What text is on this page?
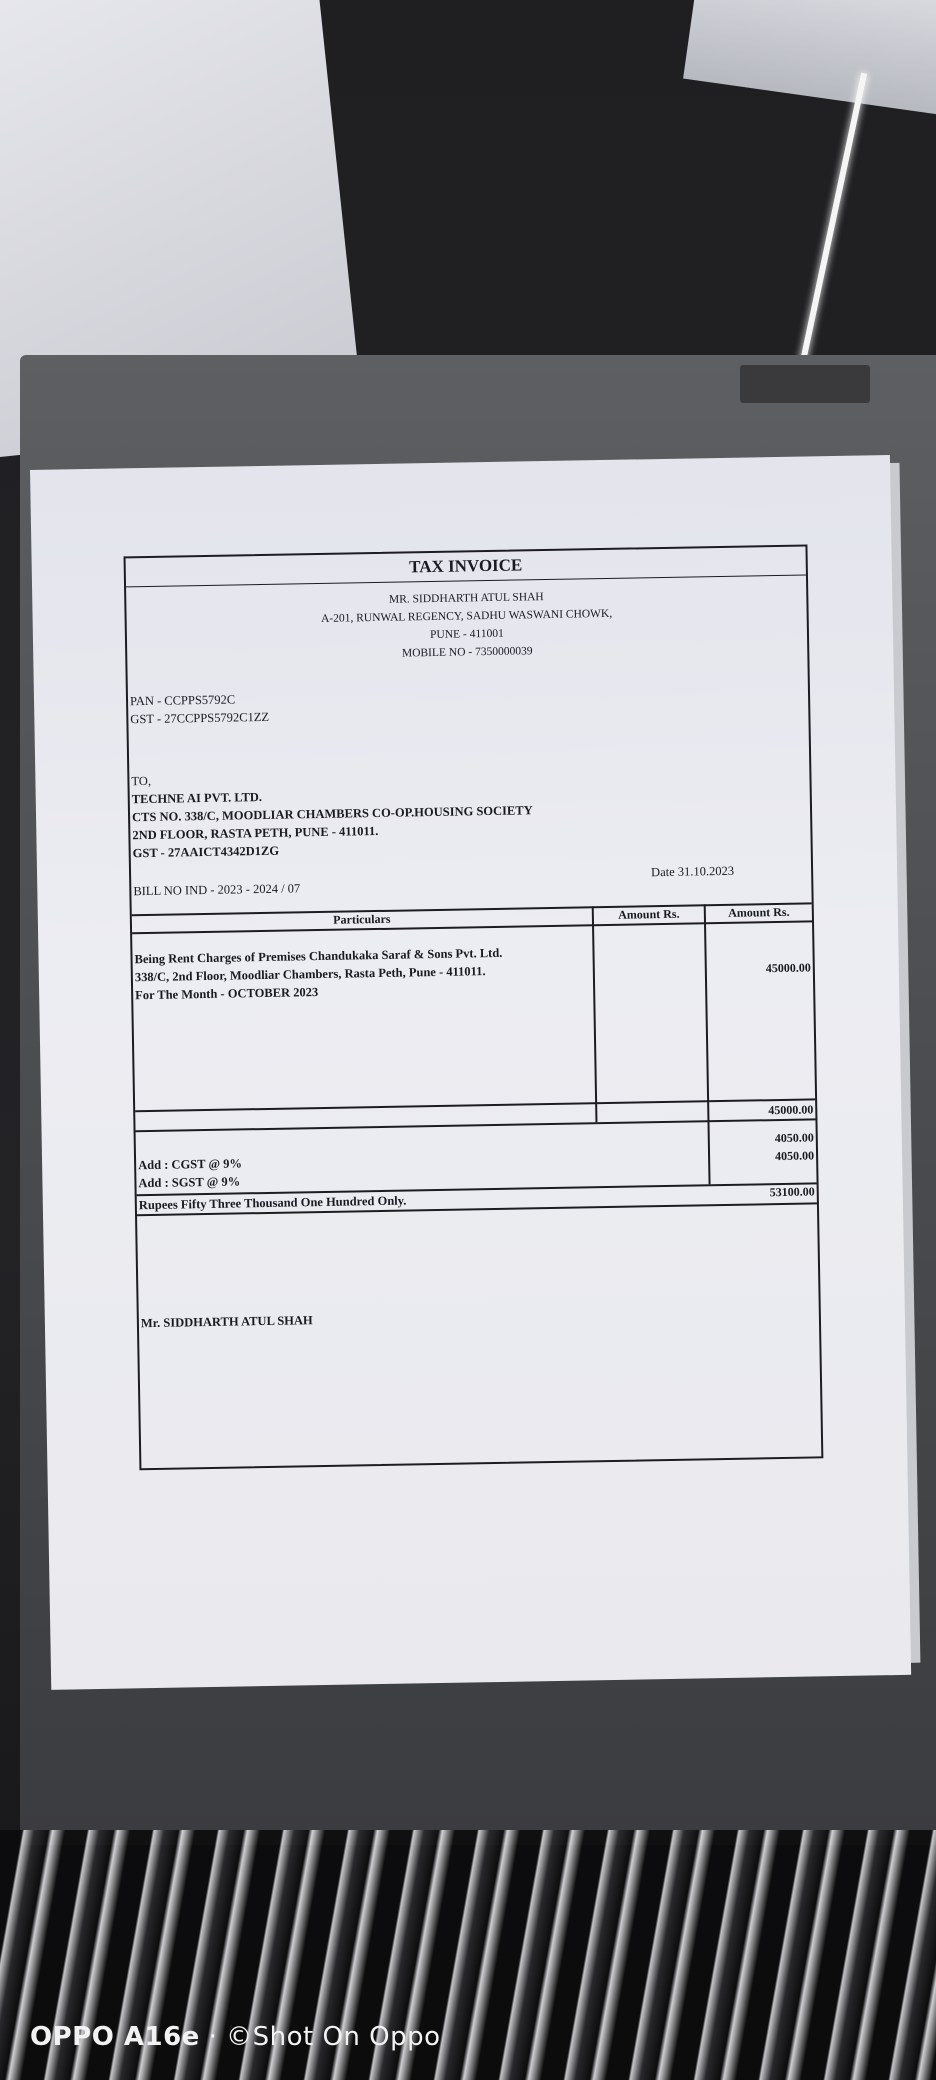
TAX INVOICE
MR. SIDDHARTH ATUL SHAH
A-201, RUNWAL REGENCY, SADHU WASWANI CHOWK,
PUNE - 411001
MOBILE NO - 7350000039
PAN - CCPPS5792C
GST - 27CCPPS5792C1ZZ
TO,
TECHNE AI PVT. LTD.
CTS NO. 338/C, MOODLIAR CHAMBERS CO-OP.HOUSING SOCIETY
2ND FLOOR, RASTA PETH, PUNE - 411011.
GST - 27AAICT4342D1ZG
Date 31.10.2023
BILL NO IND - 2023 - 2024 / 07
Particulars	Amount Rs.	Amount Rs.
Being Rent Charges of Premises Chandukaka Saraf & Sons Pvt. Ltd.
338/C, 2nd Floor, Moodliar Chambers, Rasta Peth, Pune - 411011.
For The Month - OCTOBER 2023
45000.00
45000.00
Add : CGST @ 9%
Add : SGST @ 9%
4050.00
4050.00
Rupees Fifty Three Thousand One Hundred Only.
53100.00
Mr. SIDDHARTH ATUL SHAH
OPPO A16e · ©Shot On Oppo
